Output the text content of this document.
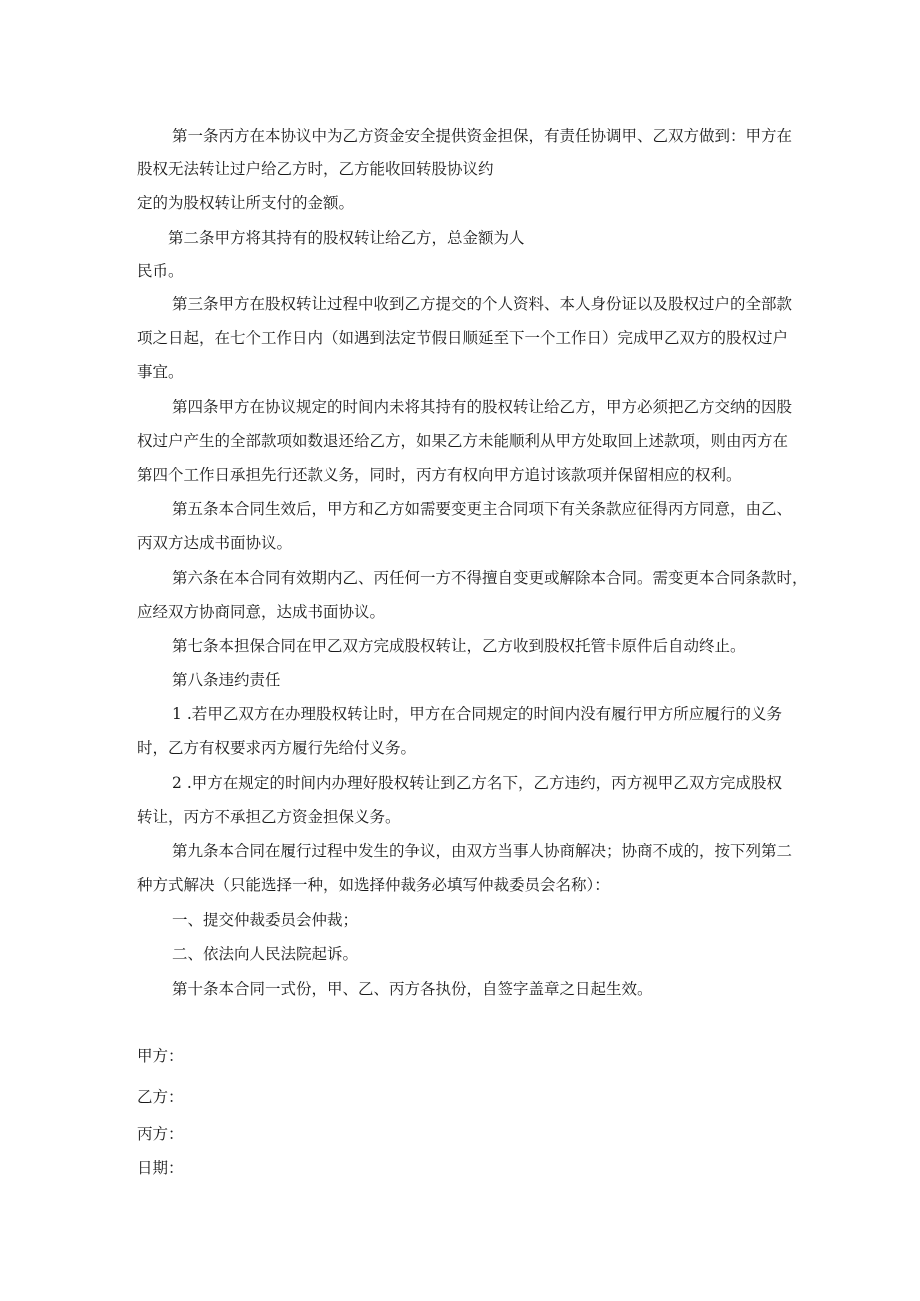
第一条丙方在本协议中为乙方资金安全提供资金担保，有责任协调甲、乙双方做到：甲方在
股权无法转让过户给乙方时，乙方能收回转股协议约
定的为股权转让所支付的金额。
第二条甲方将其持有的股权转让给乙方，总金额为人
民币。
第三条甲方在股权转让过程中收到乙方提交的个人资料、本人身份证以及股权过户的全部款
项之日起，在七个工作日内（如遇到法定节假日顺延至下一个工作日）完成甲乙双方的股权过户
事宜。
第四条甲方在协议规定的时间内未将其持有的股权转让给乙方，甲方必须把乙方交纳的因股
权过户产生的全部款项如数退还给乙方，如果乙方未能顺利从甲方处取回上述款项，则由丙方在
第四个工作日承担先行还款义务，同时，丙方有权向甲方追讨该款项并保留相应的权利。
第五条本合同生效后，甲方和乙方如需要变更主合同项下有关条款应征得丙方同意，由乙、
丙双方达成书面协议。
第六条在本合同有效期内乙、丙任何一方不得擅自变更或解除本合同。需变更本合同条款时，
应经双方协商同意，达成书面协议。
第七条本担保合同在甲乙双方完成股权转让，乙方收到股权托管卡原件后自动终止。
第八条违约责任
1 .若甲乙双方在办理股权转让时，甲方在合同规定的时间内没有履行甲方所应履行的义务
时，乙方有权要求丙方履行先给付义务。
2 .甲方在规定的时间内办理好股权转让到乙方名下，乙方违约，丙方视甲乙双方完成股权
转让，丙方不承担乙方资金担保义务。
第九条本合同在履行过程中发生的争议，由双方当事人协商解决；协商不成的，按下列第二
种方式解决（只能选择一种，如选择仲裁务必填写仲裁委员会名称）：
一、提交仲裁委员会仲裁；
二、依法向人民法院起诉。
第十条本合同一式份，甲、乙、丙方各执份，自签字盖章之日起生效。
甲方：
乙方：
丙方：
日期：
